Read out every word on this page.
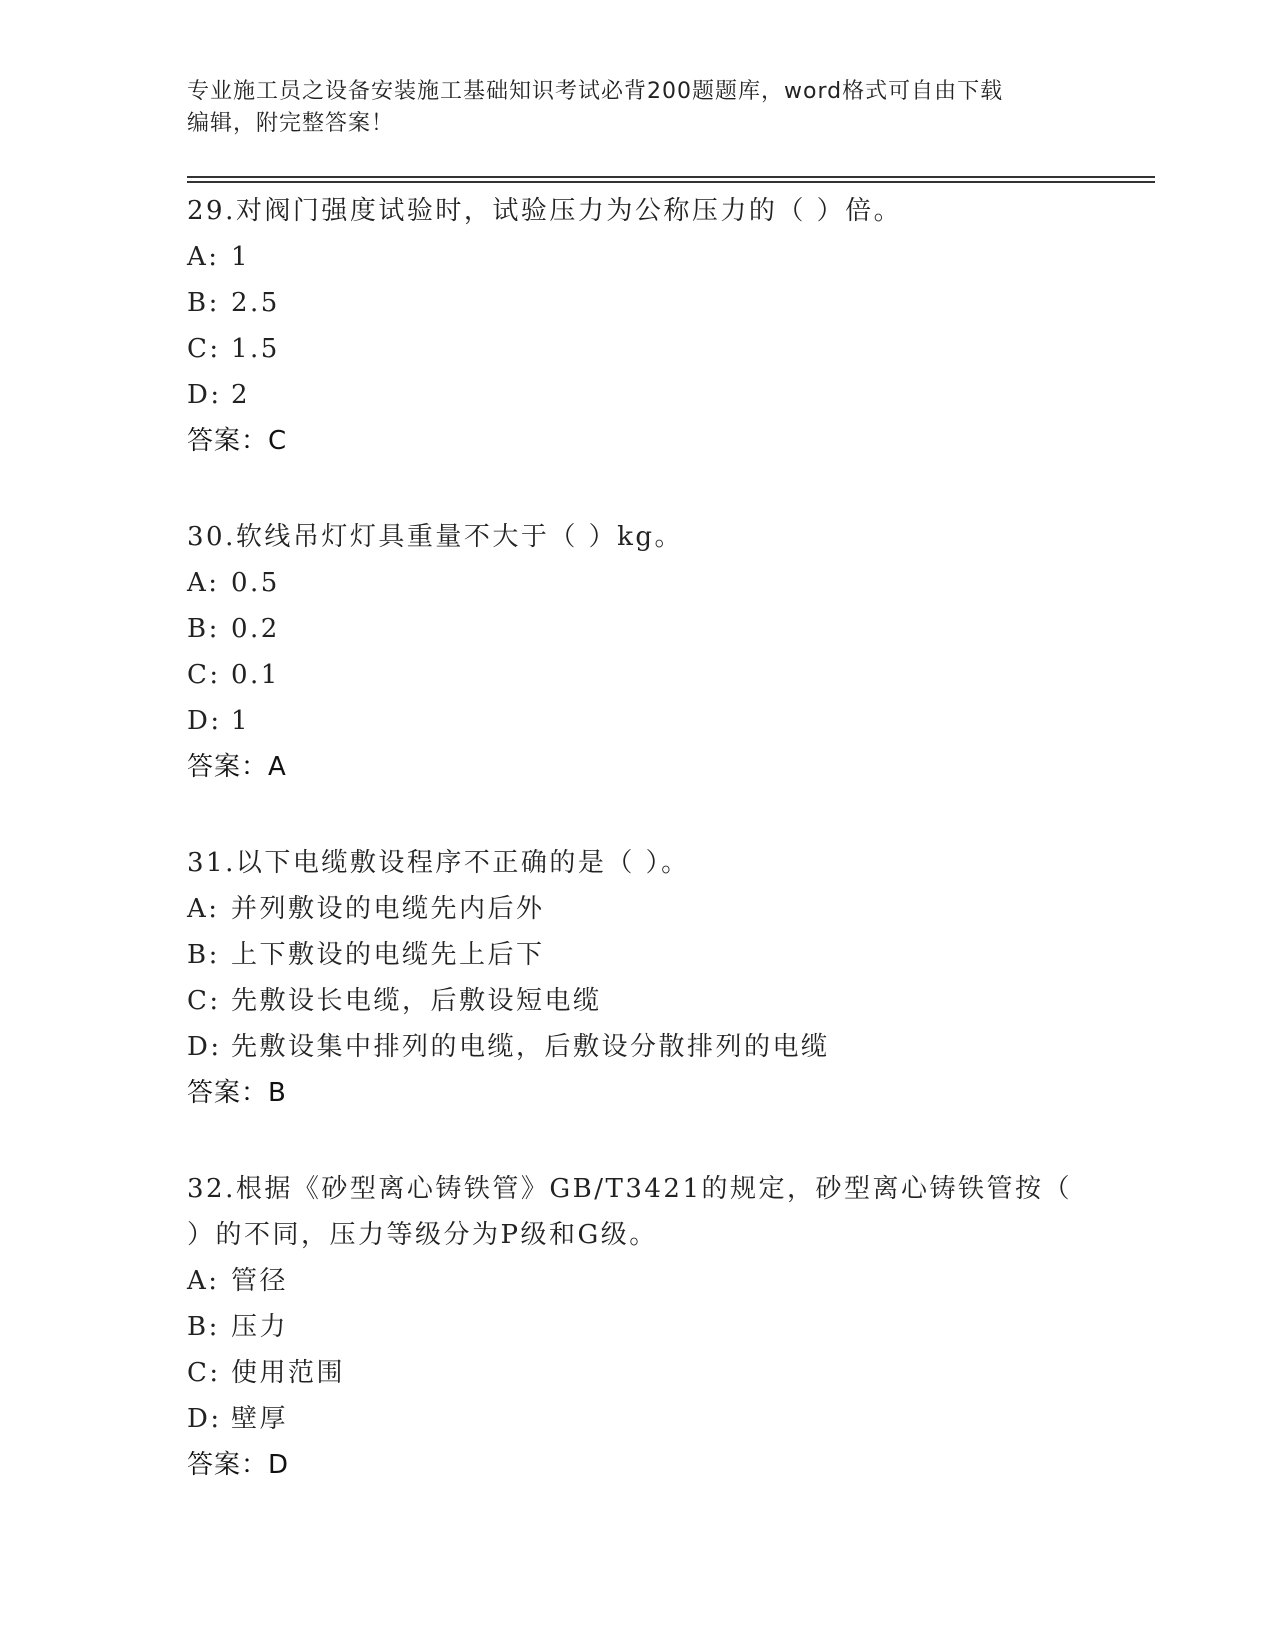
专业施工员之设备安装施工基础知识考试必背200题题库，word格式可自由下载
编辑，附完整答案！
29.对阀门强度试验时，试验压力为公称压力的（ ）倍。
A: 1
B: 2.5
C: 1.5
D: 2
答案：C
30.软线吊灯灯具重量不大于（ ）kg。
A: 0.5
B: 0.2
C: 0.1
D: 1
答案：A
31.以下电缆敷设程序不正确的是（ ）。
A: 并列敷设的电缆先内后外
B: 上下敷设的电缆先上后下
C: 先敷设长电缆，后敷设短电缆
D: 先敷设集中排列的电缆，后敷设分散排列的电缆
答案：B
32.根据《砂型离心铸铁管》GB/T3421的规定，砂型离心铸铁管按（
）的不同，压力等级分为P级和G级。
A: 管径
B: 压力
C: 使用范围
D: 壁厚
答案：D
